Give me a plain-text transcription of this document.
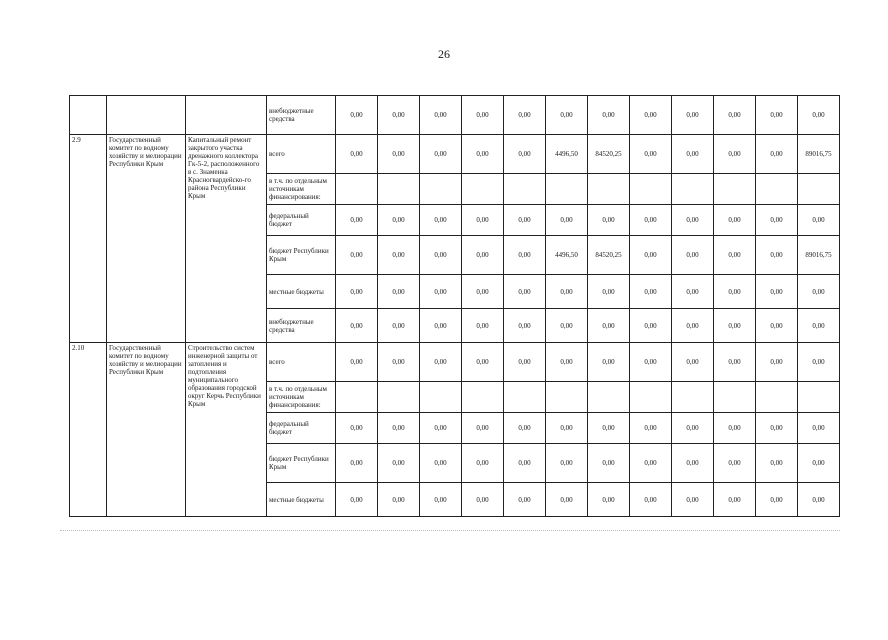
26
			внебюджетные средства	0,00	0,00	0,00	0,00	0,00	0,00	0,00	0,00	0,00	0,00	0,00	0,00
2.9	Государственный комитет по водному хозяйству и мелиорации Республики Крым	Капитальный ремонт закрытого участка дренажного коллектора Гк-5-2, расположенного в с. Знаменка Красногвардейско-го района Республики Крым	всего	0,00	0,00	0,00	0,00	0,00	4496,50	84520,25	0,00	0,00	0,00	0,00	89016,75
			в т.ч. по отдельным источникам финансирования:												
			федеральный бюджет	0,00	0,00	0,00	0,00	0,00	0,00	0,00	0,00	0,00	0,00	0,00	0,00
			бюджет Республики Крым	0,00	0,00	0,00	0,00	0,00	4496,50	84520,25	0,00	0,00	0,00	0,00	89016,75
			местные бюджеты	0,00	0,00	0,00	0,00	0,00	0,00	0,00	0,00	0,00	0,00	0,00	0,00
			внебюджетные средства	0,00	0,00	0,00	0,00	0,00	0,00	0,00	0,00	0,00	0,00	0,00	0,00
2.10	Государственный комитет по водному хозяйству и мелиорации Республики Крым	Строительство систем инженерной защиты от затопления и подтопления муниципального образования городской округ Керчь Республики Крым	всего	0,00	0,00	0,00	0,00	0,00	0,00	0,00	0,00	0,00	0,00	0,00	0,00
			в т.ч. по отдельным источникам финансирования:												
			федеральный бюджет	0,00	0,00	0,00	0,00	0,00	0,00	0,00	0,00	0,00	0,00	0,00	0,00
			бюджет Республики Крым	0,00	0,00	0,00	0,00	0,00	0,00	0,00	0,00	0,00	0,00	0,00	0,00
			местные бюджеты	0,00	0,00	0,00	0,00	0,00	0,00	0,00	0,00	0,00	0,00	0,00	0,00
